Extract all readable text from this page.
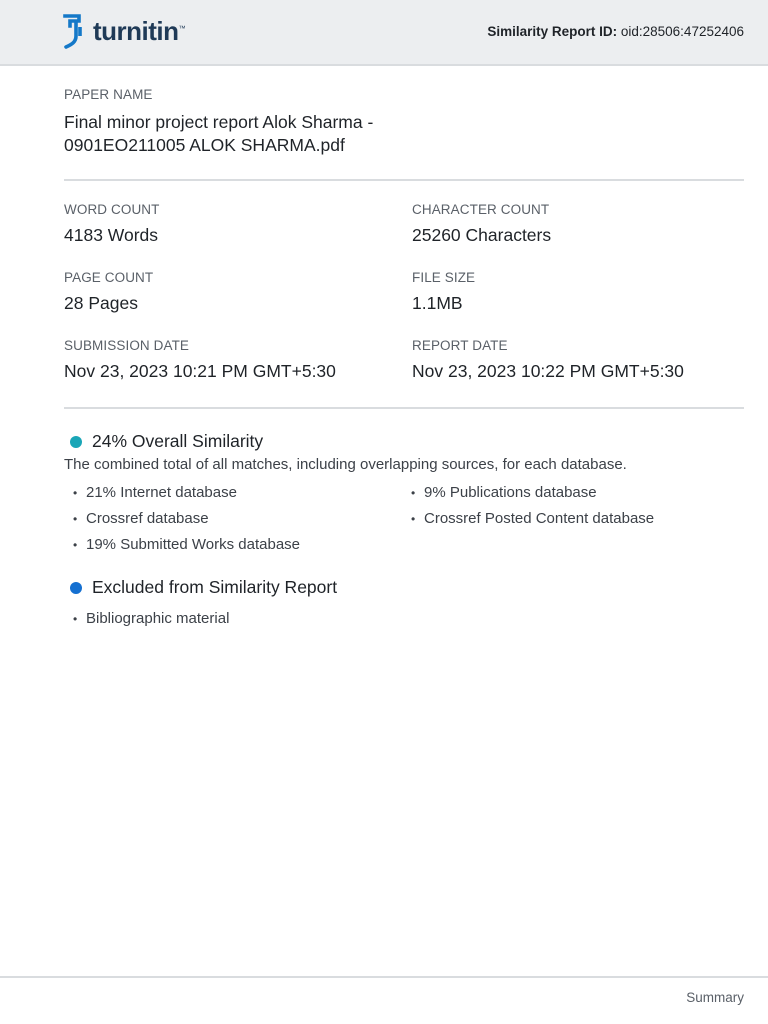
turnitin™	Similarity Report ID: oid:28506:47252406
PAPER NAME
Final minor project report Alok Sharma -
0901EO211005 ALOK SHARMA.pdf
WORD COUNT
4183 Words
CHARACTER COUNT
25260 Characters
PAGE COUNT
28 Pages
FILE SIZE
1.1MB
SUBMISSION DATE
Nov 23, 2023 10:21 PM GMT+5:30
REPORT DATE
Nov 23, 2023 10:22 PM GMT+5:30
24% Overall Similarity
The combined total of all matches, including overlapping sources, for each database.
• 21% Internet database
• Crossref database
• 19% Submitted Works database
• 9% Publications database
• Crossref Posted Content database
Excluded from Similarity Report
• Bibliographic material
Summary
